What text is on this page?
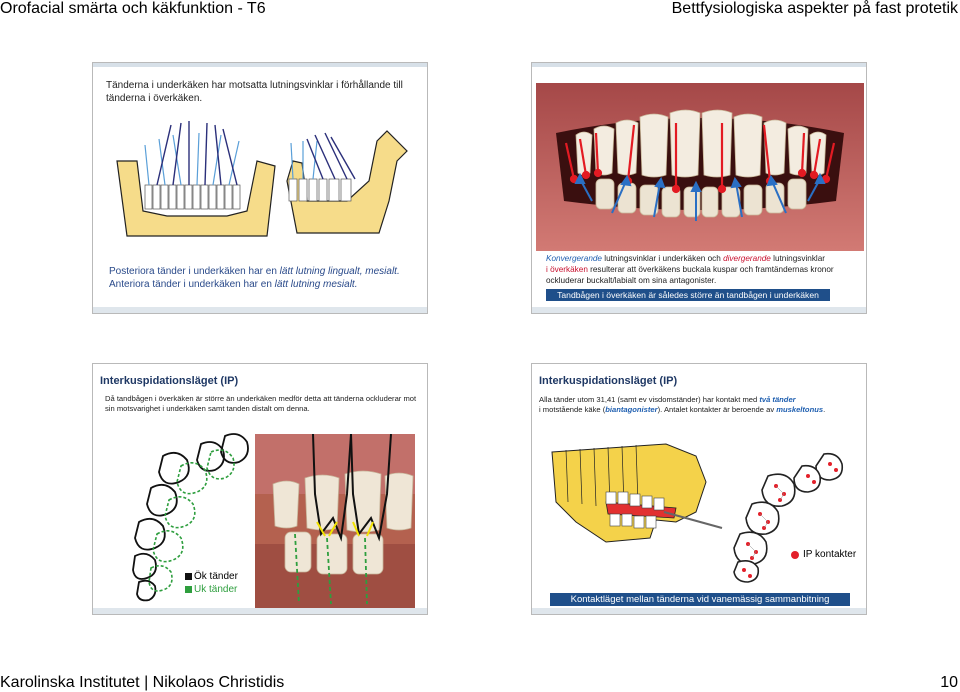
Orofacial smärta och käkfunktion - T6	Bettfysiologiska aspekter på fast protetik
Tänderna i underkäken har motsatta lutningsvinklar i förhållande till tänderna i överkäken.
Posteriora tänder i underkäken har en lätt lutning lingualt, mesialt.
Anteriora tänder i underkäken har en lätt lutning mesialt.
Konvergerande lutningsvinklar i underkäken och divergerande lutningsvinklar
i överkäken resulterar att överkäkens buckala kuspar och framtändernas kronor ockluderar buckalt/labialt om sina antagonister.
Tandbågen i överkäken är således större än tandbågen i underkäken
Interkuspidationsläget (IP)
Då tandbågen i överkäken är större än underkäken medför detta att tänderna ockluderar mot sin motsvarighet i underkäken samt tanden distalt om denna.
Ök tänder
Uk tänder
Interkuspidationsläget (IP)
Alla tänder utom 31,41 (samt ev visdomständer) har kontakt med två tänder
i motstående käke (biantagonister). Antalet kontakter är beroende av muskeltonus.
IP kontakter
Kontaktläget mellan tänderna vid vanemässig sammanbitning
Karolinska Institutet | Nikolaos Christidis	10
